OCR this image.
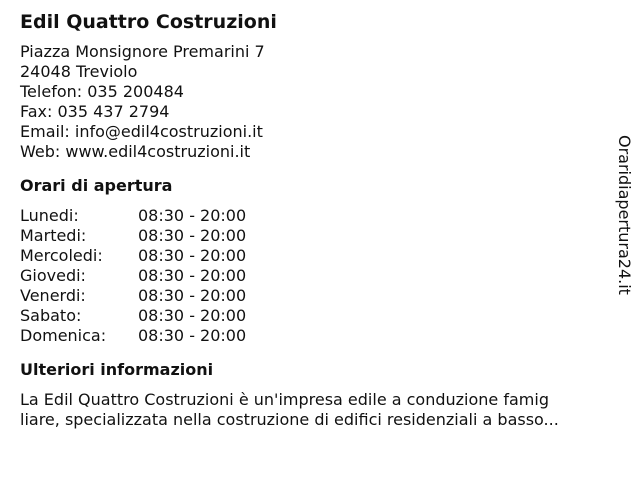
Edil Quattro Costruzioni
Piazza Monsignore Premarini 7
24048 Treviolo
Telefon: 035 200484
Fax: 035 437 2794
Email: info@edil4costruzioni.it
Web: www.edil4costruzioni.it
Orari di apertura
Lunedi:	08:30 - 20:00
Martedi:	08:30 - 20:00
Mercoledi:	08:30 - 20:00
Giovedi:	08:30 - 20:00
Venerdi:	08:30 - 20:00
Sabato:	08:30 - 20:00
Domenica:	08:30 - 20:00
Ulteriori informazioni
La Edil Quattro Costruzioni è un'impresa edile a conduzione famig
liare, specializzata nella costruzione di edifici residenziali a basso...
Oraridiapertura24.it
